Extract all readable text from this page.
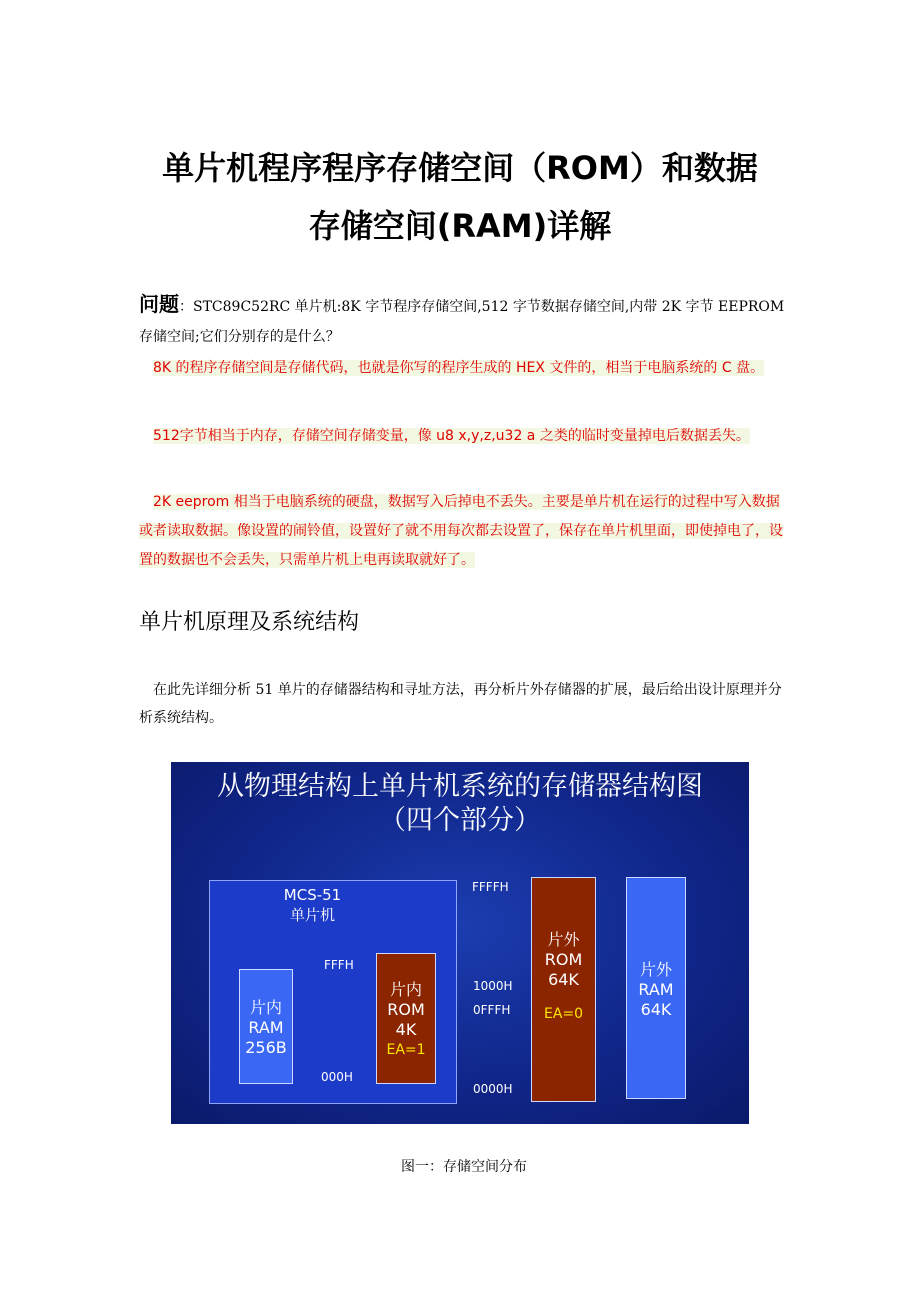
单片机程序程序存储空间（ROM）和数据
存储空间(RAM)详解
问题：STC89C52RC 单片机:8K 字节程序存储空间,512 字节数据存储空间,内带 2K 字节 EEPROM 存储空间;它们分别存的是什么？
 8K 的程序存储空间是存储代码，也就是你写的程序生成的 HEX 文件的，相当于电脑系统的 C 盘。
 512字节相当于内存，存储空间存储变量，像 u8 x,y,z,u32 a 之类的临时变量掉电后数据丢失。
 2K eeprom 相当于电脑系统的硬盘，数据写入后掉电不丢失。主要是单片机在运行的过程中写入数据或者读取数据。像设置的闹铃值，设置好了就不用每次都去设置了，保存在单片机里面，即使掉电了，设置的数据也不会丢失，只需单片机上电再读取就好了。
单片机原理及系统结构
 在此先详细分析 51 单片的存储器结构和寻址方法，再分析片外存储器的扩展，最后给出设计原理并分析系统结构。
从物理结构上单片机系统的存储器结构图
（四个部分）
MCS-51
单片机
片内
RAM
256B
片内
ROM
4K
EA=1
片外
ROM
64K
EA=0
片外
RAM
64K
FFFH
000H
FFFFH
1000H
0FFFH
0000H
图一：存储空间分布
